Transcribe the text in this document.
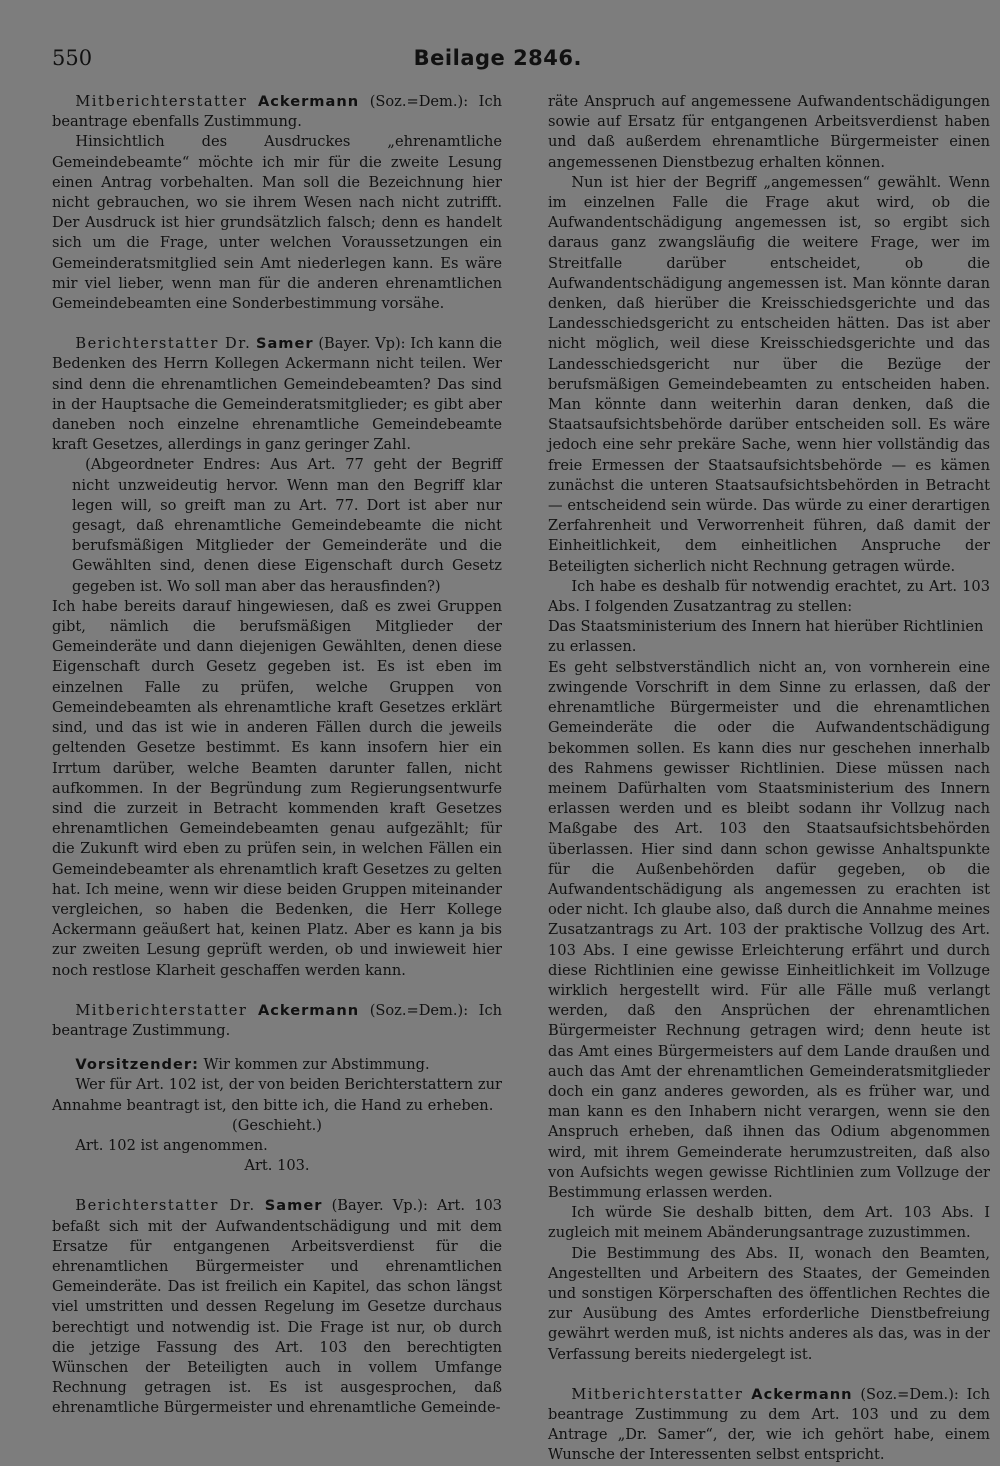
550	Beilage 2846.

Mitberichterstatter Ackermann (Soz.=Dem.): Ich beantrage ebenfalls Zustimmung.

Hinsichtlich des Ausdruckes „ehrenamtliche Gemeindebeamte“ möchte ich mir für die zweite Lesung einen Antrag vorbehalten. Man soll die Bezeichnung hier nicht gebrauchen, wo sie ihrem Wesen nach nicht zutrifft. Der Ausdruck ist hier grundsätzlich falsch; denn es handelt sich um die Frage, unter welchen Voraussetzungen ein Gemeinderatsmitglied sein Amt niederlegen kann. Es wäre mir viel lieber, wenn man für die anderen ehrenamtlichen Gemeindebeamten eine Sonderbestimmung vorsähe.

Berichterstatter Dr. Samer (Bayer. Vp): Ich kann die Bedenken des Herrn Kollegen Ackermann nicht teilen. Wer sind denn die ehrenamtlichen Gemeindebeamten? Das sind in der Hauptsache die Gemeinderatsmitglieder; es gibt aber daneben noch einzelne ehrenamtliche Gemeindebeamte kraft Gesetzes, allerdings in ganz geringer Zahl.

(Abgeordneter Endres: Aus Art. 77 geht der Begriff nicht unzweideutig hervor. Wenn man den Begriff klar legen will, so greift man zu Art. 77. Dort ist aber nur gesagt, daß ehrenamtliche Gemeindebeamte die nicht berufsmäßigen Mitglieder der Gemeinderäte und die Gewählten sind, denen diese Eigenschaft durch Gesetz gegeben ist. Wo soll man aber das herausfinden?)

Ich habe bereits darauf hingewiesen, daß es zwei Gruppen gibt, nämlich die berufsmäßigen Mitglieder der Gemeinderäte und dann diejenigen Gewählten, denen diese Eigenschaft durch Gesetz gegeben ist. Es ist eben im einzelnen Falle zu prüfen, welche Gruppen von Gemeindebeamten als ehrenamtliche kraft Gesetzes erklärt sind, und das ist wie in anderen Fällen durch die jeweils geltenden Gesetze bestimmt. Es kann insofern hier ein Irrtum darüber, welche Beamten darunter fallen, nicht aufkommen. In der Begründung zum Regierungsentwurfe sind die zurzeit in Betracht kommenden kraft Gesetzes ehrenamtlichen Gemeindebeamten genau aufgezählt; für die Zukunft wird eben zu prüfen sein, in welchen Fällen ein Gemeindebeamter als ehrenamtlich kraft Gesetzes zu gelten hat. Ich meine, wenn wir diese beiden Gruppen miteinander vergleichen, so haben die Bedenken, die Herr Kollege Ackermann geäußert hat, keinen Platz. Aber es kann ja bis zur zweiten Lesung geprüft werden, ob und inwieweit hier noch restlose Klarheit geschaffen werden kann.

Mitberichterstatter Ackermann (Soz.=Dem.): Ich beantrage Zustimmung.

Vorsitzender: Wir kommen zur Abstimmung.

Wer für Art. 102 ist, der von beiden Berichterstattern zur Annahme beantragt ist, den bitte ich, die Hand zu erheben.

(Geschieht.)

Art. 102 ist angenommen.

Art. 103.

Berichterstatter Dr. Samer (Bayer. Vp.): Art. 103 befaßt sich mit der Aufwandentschädigung und mit dem Ersatze für entgangenen Arbeitsverdienst für die ehrenamtlichen Bürgermeister und ehrenamtlichen Gemeinderäte. Das ist freilich ein Kapitel, das schon längst viel umstritten und dessen Regelung im Gesetze durchaus berechtigt und notwendig ist. Die Frage ist nur, ob durch die jetzige Fassung des Art. 103 den berechtigten Wünschen der Beteiligten auch in vollem Umfange Rechnung getragen ist. Es ist ausgesprochen, daß ehrenamtliche Bürgermeister und ehrenamtliche Gemeinde-

räte Anspruch auf angemessene Aufwandentschädigungen sowie auf Ersatz für entgangenen Arbeitsverdienst haben und daß außerdem ehrenamtliche Bürgermeister einen angemessenen Dienstbezug erhalten können.

Nun ist hier der Begriff „angemessen“ gewählt. Wenn im einzelnen Falle die Frage akut wird, ob die Aufwandentschädigung angemessen ist, so ergibt sich daraus ganz zwangsläufig die weitere Frage, wer im Streitfalle darüber entscheidet, ob die Aufwandentschädigung angemessen ist. Man könnte daran denken, daß hierüber die Kreisschiedsgerichte und das Landesschiedsgericht zu entscheiden hätten. Das ist aber nicht möglich, weil diese Kreisschiedsgerichte und das Landesschiedsgericht nur über die Bezüge der berufsmäßigen Gemeindebeamten zu entscheiden haben. Man könnte dann weiterhin daran denken, daß die Staatsaufsichtsbehörde darüber entscheiden soll. Es wäre jedoch eine sehr prekäre Sache, wenn hier vollständig das freie Ermessen der Staatsaufsichtsbehörde — es kämen zunächst die unteren Staatsaufsichtsbehörden in Betracht — entscheidend sein würde. Das würde zu einer derartigen Zerfahrenheit und Verworrenheit führen, daß damit der Einheitlichkeit, dem einheitlichen Anspruche der Beteiligten sicherlich nicht Rechnung getragen würde.

Ich habe es deshalb für notwendig erachtet, zu Art. 103 Abs. I folgenden Zusatzantrag zu stellen:

Das Staatsministerium des Innern hat hierüber Richtlinien zu erlassen.

Es geht selbstverständlich nicht an, von vornherein eine zwingende Vorschrift in dem Sinne zu erlassen, daß der ehrenamtliche Bürgermeister und die ehrenamtlichen Gemeinderäte die oder die Aufwandentschädigung bekommen sollen. Es kann dies nur geschehen innerhalb des Rahmens gewisser Richtlinien. Diese müssen nach meinem Dafürhalten vom Staatsministerium des Innern erlassen werden und es bleibt sodann ihr Vollzug nach Maßgabe des Art. 103 den Staatsaufsichtsbehörden überlassen. Hier sind dann schon gewisse Anhaltspunkte für die Außenbehörden dafür gegeben, ob die Aufwandentschädigung als angemessen zu erachten ist oder nicht. Ich glaube also, daß durch die Annahme meines Zusatzantrags zu Art. 103 der praktische Vollzug des Art. 103 Abs. I eine gewisse Erleichterung erfährt und durch diese Richtlinien eine gewisse Einheitlichkeit im Vollzuge wirklich hergestellt wird. Für alle Fälle muß verlangt werden, daß den Ansprüchen der ehrenamtlichen Bürgermeister Rechnung getragen wird; denn heute ist das Amt eines Bürgermeisters auf dem Lande draußen und auch das Amt der ehrenamtlichen Gemeinderatsmitglieder doch ein ganz anderes geworden, als es früher war, und man kann es den Inhabern nicht verargen, wenn sie den Anspruch erheben, daß ihnen das Odium abgenommen wird, mit ihrem Gemeinderate herumzustreiten, daß also von Aufsichts wegen gewisse Richtlinien zum Vollzuge der Bestimmung erlassen werden.

Ich würde Sie deshalb bitten, dem Art. 103 Abs. I zugleich mit meinem Abänderungsantrage zuzustimmen.

Die Bestimmung des Abs. II, wonach den Beamten, Angestellten und Arbeitern des Staates, der Gemeinden und sonstigen Körperschaften des öffentlichen Rechtes die zur Ausübung des Amtes erforderliche Dienstbefreiung gewährt werden muß, ist nichts anderes als das, was in der Verfassung bereits niedergelegt ist.

Mitberichterstatter Ackermann (Soz.=Dem.): Ich beantrage Zustimmung zu dem Art. 103 und zu dem Antrage „Dr. Samer“, der, wie ich gehört habe, einem Wunsche der Interessenten selbst entspricht.
